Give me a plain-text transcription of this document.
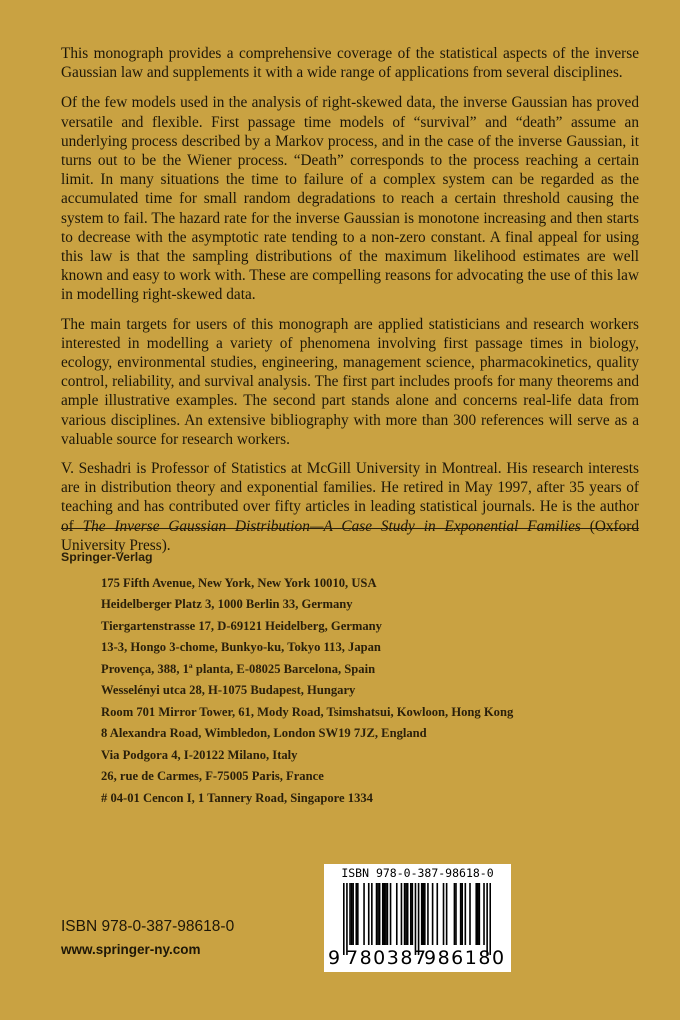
This monograph provides a comprehensive coverage of the statistical aspects of the inverse Gaussian law and supplements it with a wide range of applications from several disciplines.

Of the few models used in the analysis of right-skewed data, the inverse Gaussian has proved versatile and flexible. First passage time models of “survival” and “death” assume an underlying process described by a Markov process, and in the case of the inverse Gaussian, it turns out to be the Wiener process. “Death” corresponds to the process reaching a certain limit. In many situations the time to failure of a complex system can be regarded as the accumulated time for small random degradations to reach a certain threshold causing the system to fail. The hazard rate for the inverse Gaussian is monotone increasing and then starts to decrease with the asymptotic rate tending to a non-zero constant. A final appeal for using this law is that the sampling distributions of the maximum likelihood estimates are well known and easy to work with. These are compelling reasons for advocating the use of this law in modelling right-skewed data.

The main targets for users of this monograph are applied statisticians and research workers interested in modelling a variety of phenomena involving first passage times in biology, ecology, environmental studies, engineering, management science, pharmacokinetics, quality control, reliability, and survival analysis. The first part includes proofs for many theorems and ample illustrative examples. The second part stands alone and concerns real-life data from various disciplines. An extensive bibliography with more than 300 references will serve as a valuable source for research workers.

V. Seshadri is Professor of Statistics at McGill University in Montreal. His research interests are in distribution theory and exponential families. He retired in May 1997, after 35 years of teaching and has contributed over fifty articles in leading statistical journals. He is the author of The Inverse Gaussian Distribution—A Case Study in Exponential Families (Oxford University Press).

Springer-Verlag
175 Fifth Avenue, New York, New York 10010, USA
Heidelberger Platz 3, 1000 Berlin 33, Germany
Tiergartenstrasse 17, D-69121 Heidelberg, Germany
13-3, Hongo 3-chome, Bunkyo-ku, Tokyo 113, Japan
Provença, 388, 1ª planta, E-08025 Barcelona, Spain
Wesselényi utca 28, H-1075 Budapest, Hungary
Room 701 Mirror Tower, 61, Mody Road, Tsimshatsui, Kowloon, Hong Kong
8 Alexandra Road, Wimbledon, London SW19 7JZ, England
Via Podgora 4, I-20122 Milano, Italy
26, rue de Carmes, F-75005 Paris, France
# 04-01 Cencon I, 1 Tannery Road, Singapore 1334
ISBN 978-0-387-98618-0
www.springer-ny.com
ISBN 978-0-387-98618-0
9 780387
986180
